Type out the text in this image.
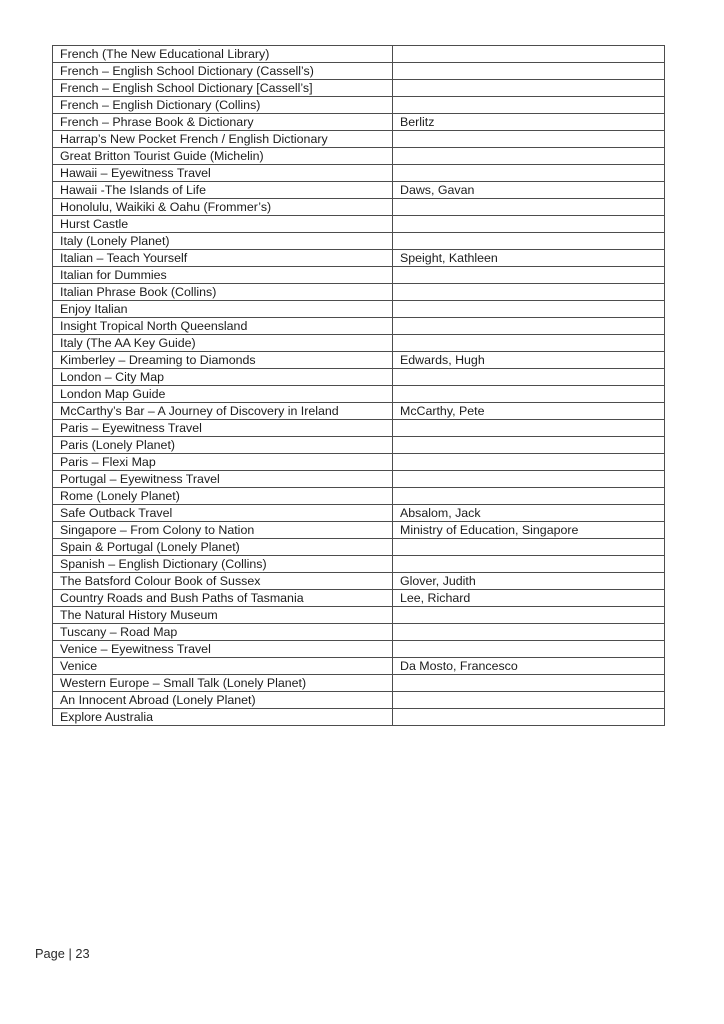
French (The New Educational Library)	
French – English School Dictionary (Cassell’s)	
French – English School Dictionary [Cassell’s]	
French – English Dictionary (Collins)	
French – Phrase Book & Dictionary	Berlitz
Harrap’s New Pocket French / English Dictionary	
Great Britton Tourist Guide (Michelin)	
Hawaii – Eyewitness Travel	
Hawaii -The Islands of Life	Daws, Gavan
Honolulu, Waikiki & Oahu (Frommer’s)	
Hurst Castle	
Italy (Lonely Planet)	
Italian – Teach Yourself	Speight, Kathleen
Italian for Dummies	
Italian Phrase Book (Collins)	
Enjoy Italian	
Insight Tropical North Queensland	
Italy (The AA Key Guide)	
Kimberley – Dreaming to Diamonds	Edwards, Hugh
London – City Map	
London Map Guide	
McCarthy’s Bar – A Journey of Discovery in Ireland	McCarthy, Pete
Paris – Eyewitness Travel	
Paris (Lonely Planet)	
Paris – Flexi Map	
Portugal – Eyewitness Travel	
Rome (Lonely Planet)	
Safe Outback Travel	Absalom, Jack
Singapore – From Colony to Nation	Ministry of Education, Singapore
Spain & Portugal (Lonely Planet)	
Spanish – English Dictionary (Collins)	
The Batsford Colour Book of Sussex	Glover, Judith
Country Roads and Bush Paths of Tasmania	Lee, Richard
The Natural History Museum	
Tuscany – Road Map	
Venice – Eyewitness Travel	
Venice	Da Mosto, Francesco
Western Europe – Small Talk (Lonely Planet)	
An Innocent Abroad (Lonely Planet)	
Explore Australia	
Page | 23
